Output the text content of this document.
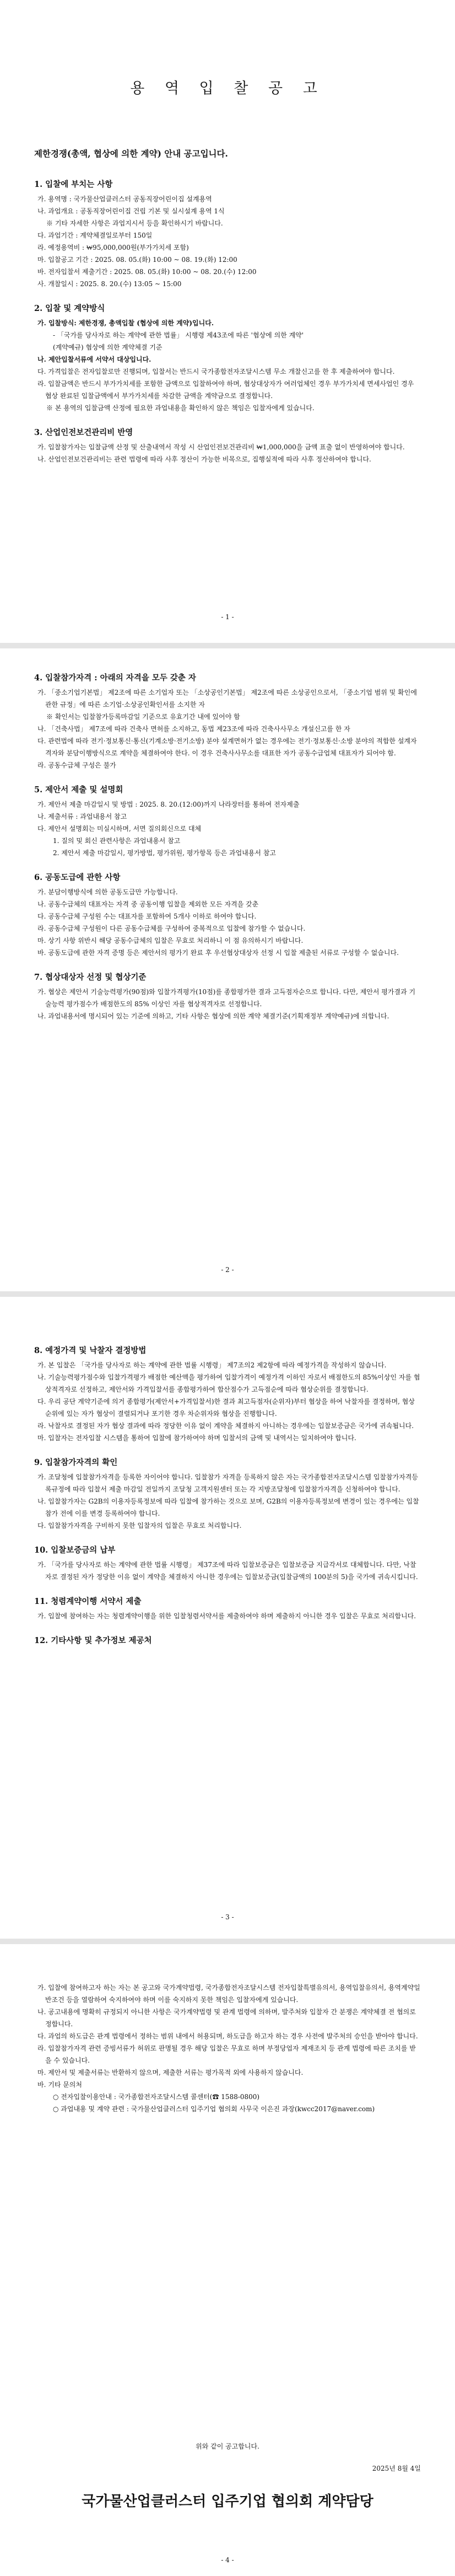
용 역 입 찰 공 고
제한경쟁(총액, 협상에 의한 계약) 안내 공고입니다.
1. 입찰에 부치는 사항
가. 용역명 : 국가물산업클러스터 공동직장어린이집 설계용역
나. 과업개요 : 공동직장어린이집 건립 기본 및 실시설계 용역 1식
※ 기타 자세한 사항은 과업지시서 등을 확인하시기 바랍니다.
다. 과업기간 : 계약체결일로부터 150일
라. 예정용역비 : ₩95,000,000원(부가가치세 포함)
마. 입찰공고 기간 : 2025. 08. 05.(화) 10:00 ~ 08. 19.(화) 12:00
바. 전자입찰서 제출기간 : 2025. 08. 05.(화) 10:00 ~ 08. 20.(수) 12:00
사. 개찰일시 : 2025. 8. 20.(수) 13:05 ~ 15:00
2. 입찰 및 계약방식
가. 입찰방식: 제한경쟁, 총액입찰 (협상에 의한 계약)입니다.
- 「국가를 당사자로 하는 계약에 관한 법률」 시행령 제43조에 따른 '협상에 의한 계약'
(계약예규) 협상에 의한 계약체결 기준
나. 제안입찰서류에 서약서 대상입니다.
다. 가격입찰은 전자입찰로만 진행되며, 입찰서는 반드시 국가종합전자조달시스템 무소 개찰신고를 한 후 제출하여야 합니다.
라. 입찰금액은 반드시 부가가치세를 포함한 금액으로 입찰하여야 하며, 협상대상자가 여러업체인 경우 부가가치세 면세사업인 경우 협상 완료된 입찰금액에서 부가가치세를 차감한 금액을 계약금으로 결정합니다.
※ 본 용역의 입찰금액 산정에 필요한 과업내용을 확인하지 않은 책임은 입찰자에게 있습니다.
3. 산업인전보건관리비 반영
가. 입찰참가자는 입찰금액 산정 및 산출내역서 작성 시 산업인전보건관리비 ₩1,000,000을 금액 표출 없이 반영하여야 합니다.
나. 산업인전보건관리비는 관련 법령에 따라 사후 정산이 가능한 비목으로, 집행실적에 따라 사후 정산하여야 합니다.
- 1 -
4. 입찰참가자격 : 아래의 자격을 모두 갖춘 자
가. 「중소기업기본법」 제2조에 따른 소기업자 또는 「소상공인기본법」 제2조에 따른 소상공인으로서, 「중소기업 범위 및 확인에 관한 규정」에 따른 소기업·소상공인확인서를 소지한 자
※ 확인서는 입찰참가등록마감일 기준으로 유효기간 내에 있어야 함
나. 「건축사법」 제7조에 따라 건축사 면허를 소지하고, 동법 제23조에 따라 건축사사무소 개설신고를 한 자
다. 관련법에 따라 전기·정보통신·통신(기계소방·전기소방) 분야 설계면허가 없는 경우에는 전기·정보통신·소방 분야의 적합한 설계자격자와 분담이행방식으로 계약을 체결하여야 한다. 이 경우 건축사사무소를 대표한 자가 공동수급업체 대표자가 되어야 함.
라. 공동수급체 구성은 불가
5. 제안서 제출 및 설명회
가. 제안서 제출 마감일시 및 방법 : 2025. 8. 20.(12:00)까지 나라장터를 통하여 전자제출
나. 제출서류 : 과업내용서 참고
다. 제안서 설명회는 미실시하며, 서면 질의회신으로 대체
1. 질의 및 회신 관련사항은 과업내용서 참고
2. 제안서 제출 마감일시, 평가방법, 평가위원, 평가항목 등은 과업내용서 참고
6. 공동도급에 관한 사항
가. 분담이행방식에 의한 공동도급만 가능합니다.
나. 공동수급체의 대표자는 자격 중 공동이행 입찰을 제외한 모든 자격을 갖춘
다. 공동수급체 구성원 수는 대표자를 포함하여 5개사 이하로 하여야 합니다.
라. 공동수급체 구성원이 다른 공동수급체를 구성하여 중복적으로 입찰에 참가할 수 없습니다.
마. 상기 사항 위반시 해당 공동수급체의 입찰은 무효로 처리하니 이 점 유의하시기 바랍니다.
바. 공동도급에 관한 자격 증명 등은 제안서의 평가기 완료 후 우선협상대상자 선정 시 입찰 제출된 서류로 구성할 수 없습니다.
7. 협상대상자 선정 및 협상기준
가. 협상은 제안서 기술능력평가(90점)와 입찰가격평가(10점)를 종합평가한 결과 고득점자순으로 합니다. 다만, 제안서 평가결과 기술능력 평가점수가 배점한도의 85% 이상인 자를 협상적격자로 선정합니다.
나. 과업내용서에 명시되어 있는 기준에 의하고, 기타 사항은 협상에 의한 계약 체결기준(기획재정부 계약예규)에 의합니다.
- 2 -
8. 예정가격 및 낙찰자 결정방법
가. 본 입찰은 「국가를 당사자로 하는 계약에 관한 법률 시행령」 제7조의2 제2항에 따라 예정가격을 작성하지 않습니다.
나. 기술능력평가점수와 입찰가격평가 배점한 예산액을 평가하여 입찰가격이 예정가격 이하인 자로서 배점한도의 85%이상인 자를 협상적격자로 선정하고, 제안서와 가격입찰서를 종합평가하여 합산점수가 고득점순에 따라 협상순위를 결정합니다.
다. 우리 공단 계약기준에 의거 종합평가(제안서+가격입찰서)한 결과 최고득점자(순위자)부터 협상을 하여 낙찰자를 결정하며, 협상순위에 있는 자가 협상이 결렬되거나 포기한 경우 차순위자와 협상을 진행합니다.
라. 낙찰자로 결정된 자가 협상 결과에 따라 정당한 이유 없이 계약을 체결하지 아니하는 경우에는 입찰보증금은 국가에 귀속됩니다.
마. 입찰자는 전자입찰 시스템을 통하여 입찰에 참가하여야 하며 입찰서의 금액 및 내역서는 일치하여야 합니다.
9. 입찰참가자격의 확인
가. 조달청에 입찰참가자격을 등록한 자이어야 합니다. 입찰참가 자격을 등록하지 않은 자는 국가종합전자조달시스템 입찰참가자격등록규정에 따라 입찰서 제출 마감일 전일까지 조달청 고객지원센터 또는 각 지방조달청에 입찰참가자격을 신청하여야 합니다.
나. 입찰참가자는 G2B의 이용자등록정보에 따라 입찰에 참가하는 것으로 보며, G2B의 이용자등록정보에 변경이 있는 경우에는 입찰참가 전에 이를 변경 등록하여야 합니다.
다. 입찰참가자격을 구비하지 못한 입찰자의 입찰은 무효로 처리합니다.
10. 입찰보증금의 납부
가. 「국가를 당사자로 하는 계약에 관한 법률 시행령」 제37조에 따라 입찰보증금은 입찰보증금 지급각서로 대체합니다. 다만, 낙찰자로 결정된 자가 정당한 이유 없이 계약을 체결하지 아니한 경우에는 입찰보증금(입찰금액의 100분의 5)을 국가에 귀속시킵니다.
11. 청렴계약이행 서약서 제출
가. 입찰에 참여하는 자는 청렴계약이행을 위한 입찰청렴서약서를 제출하여야 하며 제출하지 아니한 경우 입찰은 무효로 처리합니다.
12. 기타사항 및 추가정보 제공처
- 3 -
가. 입찰에 참여하고자 하는 자는 본 공고와 국가계약법령, 국가종합전자조달시스템 전자입찰특별유의서, 용역입찰유의서, 용역계약일반조건 등을 열람하여 숙지하여야 하며 이를 숙지하지 못한 책임은 입찰자에게 있습니다.
나. 공고내용에 명확히 규정되지 아니한 사항은 국가계약법령 및 관계 법령에 의하며, 발주처와 입찰자 간 분쟁은 계약체결 전 협의로 정합니다.
다. 과업의 하도급은 관계 법령에서 정하는 범위 내에서 허용되며, 하도급을 하고자 하는 경우 사전에 발주처의 승인을 받아야 합니다.
라. 입찰참가자격 관련 증빙서류가 허위로 판명될 경우 해당 입찰은 무효로 하며 부정당업자 제재조치 등 관계 법령에 따른 조치를 받을 수 있습니다.
마. 제안서 및 제출서류는 반환하지 않으며, 제출한 서류는 평가목적 외에 사용하지 않습니다.
바. 기타 문의처
○ 전자입찰이용안내 : 국가종합전자조달시스템 콜센터(☎ 1588-0800)
○ 과업내용 및 계약 관련 : 국가물산업클러스터 입주기업 협의회 사무국 이은진 과장(kwcc2017@naver.com)
위와 같이 공고합니다.
2025년 8월 4일
국가물산업클러스터 입주기업 협의회 계약담당
- 4 -
